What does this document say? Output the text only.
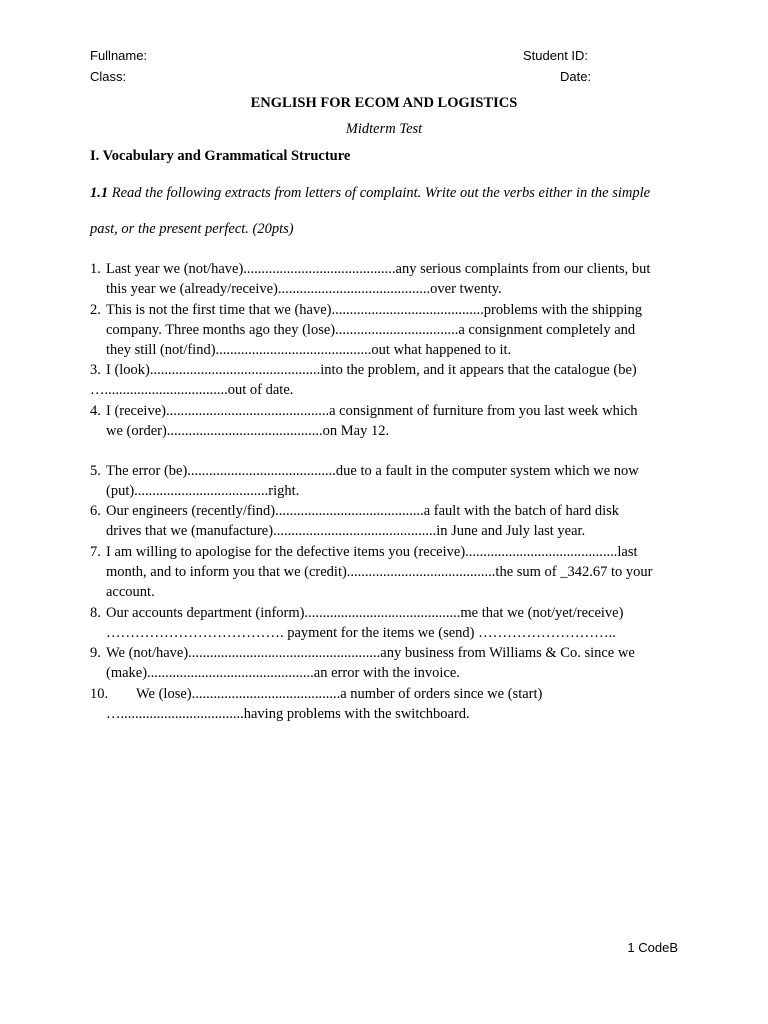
Fullname:	Student ID:
Class:	Date:
ENGLISH FOR ECOM AND LOGISTICS
Midterm Test
I. Vocabulary and Grammatical Structure
1.1 Read the following extracts from letters of complaint. Write out the verbs either in the simple
past, or the present perfect. (20pts)
1. Last year we (not/have)..........................................any serious complaints from our clients, but
this year we (already/receive)..........................................over twenty.
2. This is not the first time that we (have)..........................................problems with the shipping
company. Three months ago they (lose)..................................a consignment completely and
they still (not/find)...........................................out what happened to it.
3. I (look)...............................................into the problem, and it appears that the catalogue (be)
…..................................out of date.
4. I (receive).............................................a consignment of furniture from you last week which
we (order)...........................................on May 12.
5. The error (be).........................................due to a fault in the computer system which we now
(put).....................................right.
6. Our engineers (recently/find).........................................a fault with the batch of hard disk
drives that we (manufacture).............................................in June and July last year.
7. I am willing to apologise for the defective items you (receive)..........................................last
month, and to inform you that we (credit).........................................the sum of _342.67 to your
account.
8. Our accounts department (inform)...........................................me that we (not/yet/receive)
………………………………. payment for the items we (send) ………………………..
9. We (not/have).....................................................any business from Williams & Co. since we
(make)..............................................an error with the invoice.
10.	We (lose).........................................a number of orders since we (start)
…..................................having problems with the switchboard.
1 CodeB
